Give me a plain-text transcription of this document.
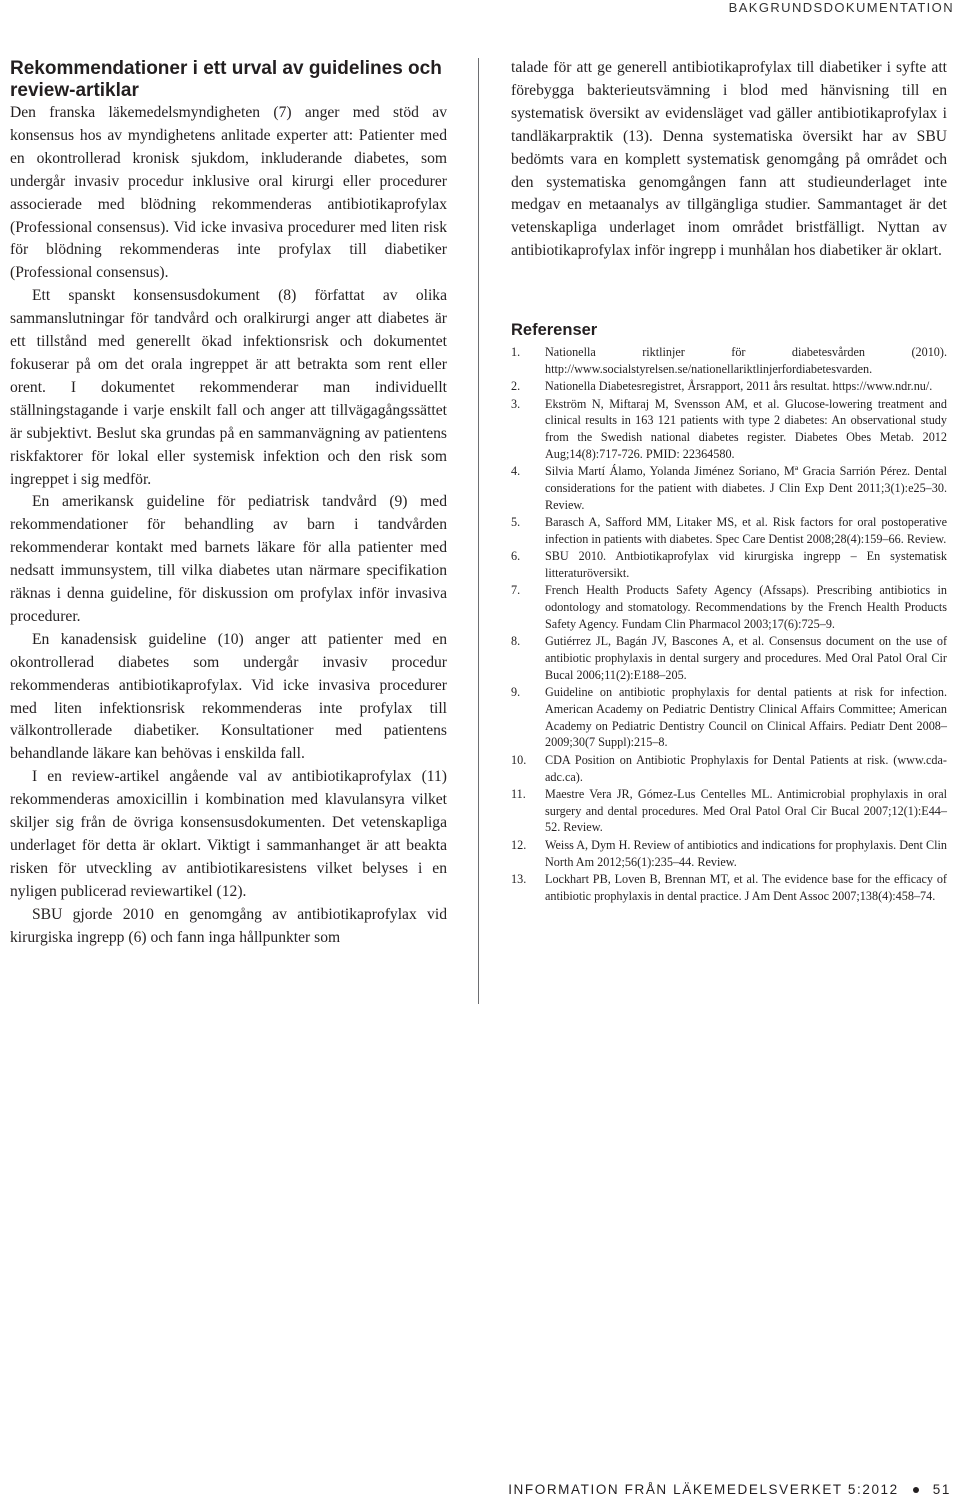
BAKGRUNDSDOKUMENTATION
Rekommendationer i ett urval av guidelines och review-artiklar

Den franska läkemedelsmyndigheten (7) anger med stöd av konsensus hos av myndighetens anlitade experter att: Patienter med en okontrollerad kronisk sjukdom, inkluderande diabetes, som undergår invasiv procedur inklusive oral kirurgi eller procedurer associerade med blödning rekommenderas antibiotikaprofylax (Professional consensus). Vid icke invasiva procedurer med liten risk för blödning rekommenderas inte profylax till diabetiker (Professional consensus).

Ett spanskt konsensusdokument (8) författat av olika sammanslutningar för tandvård och oralkirurgi anger att diabetes är ett tillstånd med generellt ökad infektionsrisk och dokumentet fokuserar på om det orala ingreppet är att betrakta som rent eller orent. I dokumentet rekommenderar man individuellt ställningstagande i varje enskilt fall och anger att tillvägagångssättet är subjektivt. Beslut ska grundas på en sammanvägning av patientens riskfaktorer för lokal eller systemisk infektion och den risk som ingreppet i sig medför.

En amerikansk guideline för pediatrisk tandvård (9) med rekommendationer för behandling av barn i tandvården rekommenderar kontakt med barnets läkare för alla patienter med nedsatt immunsystem, till vilka diabetes utan närmare specifikation räknas i denna guideline, för diskussion om profylax inför invasiva procedurer.

En kanadensisk guideline (10) anger att patienter med en okontrollerad diabetes som undergår invasiv procedur rekommenderas antibiotikaprofylax. Vid icke invasiva procedurer med liten infektionsrisk rekommenderas inte profylax till välkontrollerade diabetiker. Konsultationer med patientens behandlande läkare kan behövas i enskilda fall.

I en review-artikel angående val av antibiotikaprofylax (11) rekommenderas amoxicillin i kombination med klavulansyra vilket skiljer sig från de övriga konsensusdokumenten. Det vetenskapliga underlaget för detta är oklart. Viktigt i sammanhanget är att beakta risken för utveckling av antibiotikaresistens vilket belyses i en nyligen publicerad reviewartikel (12).

SBU gjorde 2010 en genomgång av antibiotikaprofylax vid kirurgiska ingrepp (6) och fann inga hållpunkter som

talade för att ge generell antibiotikaprofylax till diabetiker i syfte att förebygga bakterieutsvämning i blod med hänvisning till en systematisk översikt av evidensläget vad gäller antibiotikaprofylax i tandläkarpraktik (13). Denna systematiska översikt har av SBU bedömts vara en komplett systematisk genomgång på området och den systematiska genomgången fann att studieunderlaget inte medgav en metaanalys av tillgängliga studier. Sammantaget är det vetenskapliga underlaget inom området bristfälligt. Nyttan av antibiotikaprofylax inför ingrepp i munhålan hos diabetiker är oklart.

Referenser
1. Nationella riktlinjer för diabetesvården (2010). http://www.socialstyrelsen.se/nationellariktlinjerfordiabetesvarden.
2. Nationella Diabetesregistret, Årsrapport, 2011 års resultat. https://www.ndr.nu/.
3. Ekström N, Miftaraj M, Svensson AM, et al. Glucose-lowering treatment and clinical results in 163 121 patients with type 2 diabetes: An observational study from the Swedish national diabetes register. Diabetes Obes Metab. 2012 Aug;14(8):717-726. PMID: 22364580.
4. Silvia Martí Álamo, Yolanda Jiménez Soriano, Mª Gracia Sarrión Pérez. Dental considerations for the patient with diabetes. J Clin Exp Dent 2011;3(1):e25–30. Review.
5. Barasch A, Safford MM, Litaker MS, et al. Risk factors for oral postoperative infection in patients with diabetes. Spec Care Dentist 2008;28(4):159–66. Review.
6. SBU 2010. Antbiotikaprofylax vid kirurgiska ingrepp – En systematisk litteraturöversikt.
7. French Health Products Safety Agency (Afssaps). Prescribing antibiotics in odontology and stomatology. Recommendations by the French Health Products Safety Agency. Fundam Clin Pharmacol 2003;17(6):725–9.
8. Gutiérrez JL, Bagán JV, Bascones A, et al. Consensus document on the use of antibiotic prophylaxis in dental surgery and procedures. Med Oral Patol Oral Cir Bucal 2006;11(2):E188–205.
9. Guideline on antibiotic prophylaxis for dental patients at risk for infection. American Academy on Pediatric Dentistry Clinical Affairs Committee; American Academy on Pediatric Dentistry Council on Clinical Affairs. Pediatr Dent 2008–2009;30(7 Suppl):215–8.
10. CDA Position on Antibiotic Prophylaxis for Dental Patients at risk. (www.cda-adc.ca).
11. Maestre Vera JR, Gómez-Lus Centelles ML. Antimicrobial prophylaxis in oral surgery and dental procedures. Med Oral Patol Oral Cir Bucal 2007;12(1):E44–52. Review.
12. Weiss A, Dym H. Review of antibiotics and indications for prophylaxis. Dent Clin North Am 2012;56(1):235–44. Review.
13. Lockhart PB, Loven B, Brennan MT, et al. The evidence base for the efficacy of antibiotic prophylaxis in dental practice. J Am Dent Assoc 2007;138(4):458–74.
INFORMATION FRÅN LÄKEMEDELSVERKET 5:2012	51
